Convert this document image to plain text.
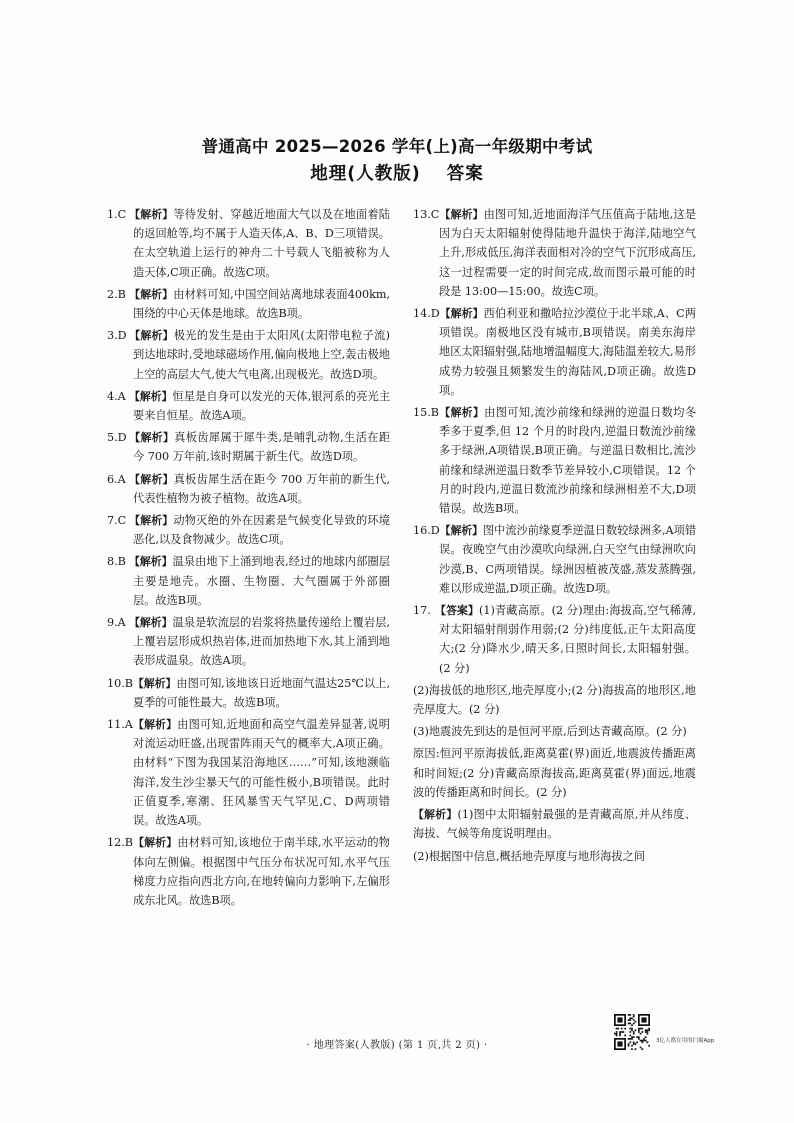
普通高中 2025—2026 学年(上)高一年级期中考试
地理(人教版) 答案

1.C 【解析】等待发射、穿越近地面大气以及在地面着陆的返回舱等,均不属于人造天体,A、B、D三项错误。在太空轨道上运行的神舟二十号载人飞船被称为人造天体,C项正确。故选C项。

2.B 【解析】由材料可知,中国空间站离地球表面400km,围绕的中心天体是地球。故选B项。

3.D 【解析】极光的发生是由于太阳风(太阳带电粒子流)到达地球时,受地球磁场作用,偏向极地上空,轰击极地上空的高层大气,使大气电离,出现极光。故选D项。

4.A 【解析】恒星是自身可以发光的天体,银河系的亮光主要来自恒星。故选A项。

5.D 【解析】真板齿犀属于犀牛类,是哺乳动物,生活在距今 700 万年前,该时期属于新生代。故选D项。

6.A 【解析】真板齿犀生活在距今 700 万年前的新生代,代表性植物为被子植物。故选A项。

7.C 【解析】动物灭绝的外在因素是气候变化导致的环境恶化,以及食物减少。故选C项。

8.B 【解析】温泉由地下上涌到地表,经过的地球内部圈层主要是地壳。水圈、生物圈、大气圈属于外部圈层。故选B项。

9.A 【解析】温泉是软流层的岩浆将热量传递给上覆岩层,上覆岩层形成炽热岩体,进而加热地下水,其上涌到地表形成温泉。故选A项。

10.B【解析】由图可知,该地该日近地面气温达25℃以上,夏季的可能性最大。故选B项。

11.A【解析】由图可知,近地面和高空气温差异显著,说明对流运动旺盛,出现雷阵雨天气的概率大,A项正确。由材料“下图为我国某沿海地区……”可知,该地濒临海洋,发生沙尘暴天气的可能性极小,B项错误。此时正值夏季,寒潮、狂风暴雪天气罕见,C、D两项错误。故选A项。

12.B【解析】由材料可知,该地位于南半球,水平运动的物体向左侧偏。根据图中气压分布状况可知,水平气压梯度力应指向西北方向,在地转偏向力影响下,左偏形成东北风。故选B项。

13.C【解析】由图可知,近地面海洋气压值高于陆地,这是因为白天太阳辐射使得陆地升温快于海洋,陆地空气上升,形成低压,海洋表面相对冷的空气下沉形成高压,这一过程需要一定的时间完成,故而图示最可能的时段是 13:00—15:00。故选C项。

14.D【解析】西伯利亚和撒哈拉沙漠位于北半球,A、C两项错误。南极地区没有城市,B项错误。南美东海岸地区太阳辐射强,陆地增温幅度大,海陆温差较大,易形成势力较强且频繁发生的海陆风,D项正确。故选D项。

15.B【解析】由图可知,流沙前缘和绿洲的逆温日数均冬季多于夏季,但 12 个月的时段内,逆温日数流沙前缘多于绿洲,A项错误,B项正确。与逆温日数相比,流沙前缘和绿洲逆温日数季节差异较小,C项错误。12 个月的时段内,逆温日数流沙前缘和绿洲相差不大,D项错误。故选B项。

16.D【解析】图中流沙前缘夏季逆温日数较绿洲多,A项错误。夜晚空气由沙漠吹向绿洲,白天空气由绿洲吹向沙漠,B、C两项错误。绿洲因植被茂盛,蒸发蒸腾强,难以形成逆温,D项正确。故选D项。

17. 【答案】(1)青藏高原。(2 分)理由:海拔高,空气稀薄,对太阳辐射削弱作用弱;(2 分)纬度低,正午太阳高度大;(2 分)降水少,晴天多,日照时间长,太阳辐射强。(2 分)

(2)海拔低的地形区,地壳厚度小;(2 分)海拔高的地形区,地壳厚度大。(2 分)

(3)地震波先到达的是恒河平原,后到达青藏高原。(2 分)

原因:恒河平原海拔低,距离莫霍(界)面近,地震波传播距离和时间短;(2 分)青藏高原海拔高,距离莫霍(界)面远,地震波的传播距离和时间长。(2 分)

【解析】(1)图中太阳辐射最强的是青藏高原,并从纬度、海拔、气候等角度说明理由。

(2)根据图中信息,概括地壳厚度与地形海拔之间

· 地理答案(人教版) (第 1 页,共 2 页) ·	3亿人都在用的扫描App
